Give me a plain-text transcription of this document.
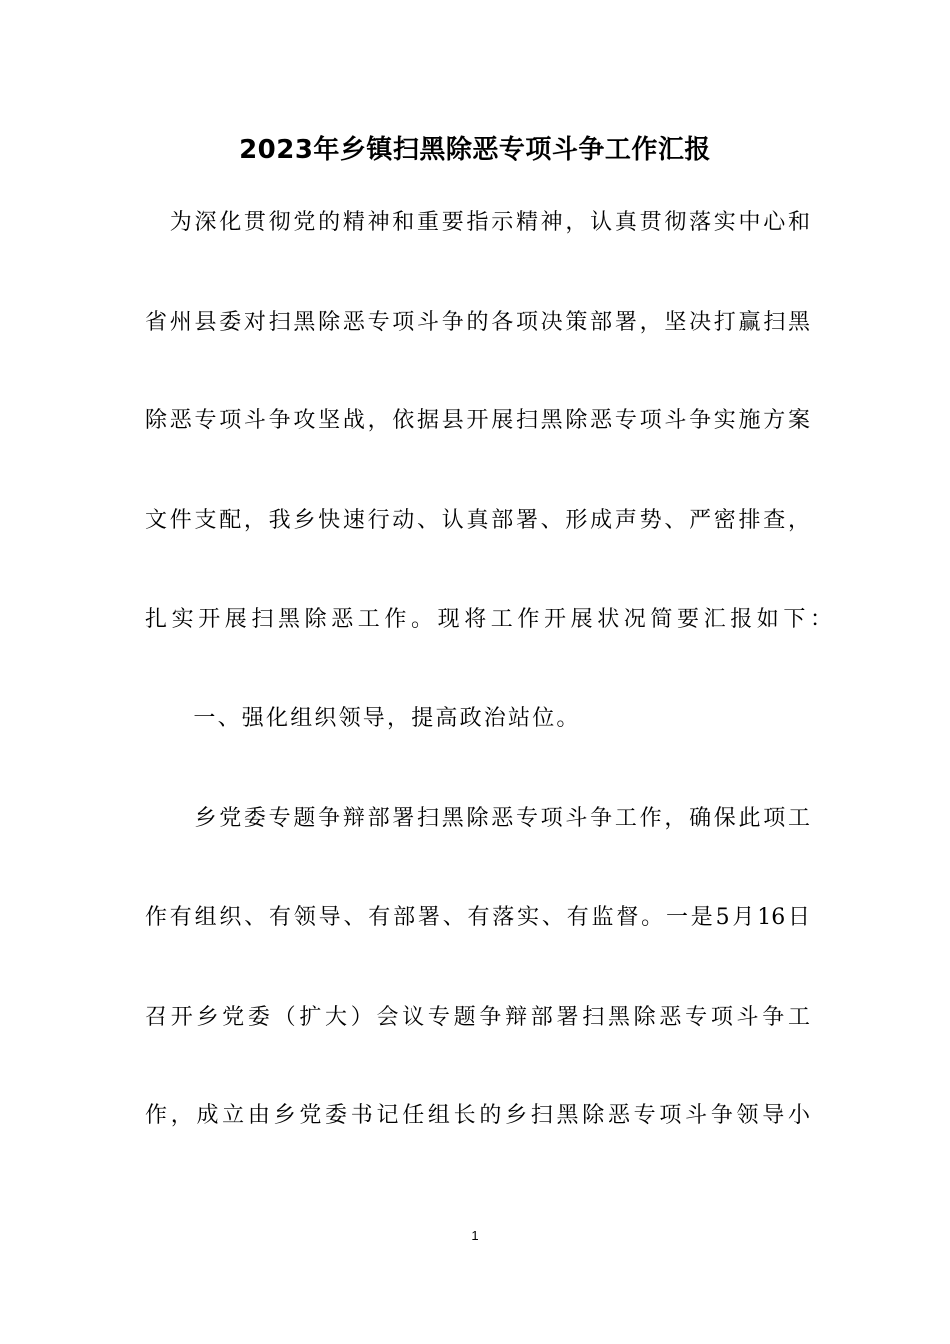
2023年乡镇扫黑除恶专项斗争工作汇报
　为深化贯彻党的精神和重要指示精神，认真贯彻落实中心和
省州县委对扫黑除恶专项斗争的各项决策部署，坚决打赢扫黑
除恶专项斗争攻坚战，依据县开展扫黑除恶专项斗争实施方案
文件支配，我乡快速行动、认真部署、形成声势、严密排查，
扎实开展扫黑除恶工作。现将工作开展状况简要汇报如下：
　　一、强化组织领导，提高政治站位。
　　乡党委专题争辩部署扫黑除恶专项斗争工作，确保此项工
作有组织、有领导、有部署、有落实、有监督。一是5月16日
召开乡党委（扩大）会议专题争辩部署扫黑除恶专项斗争工
作，成立由乡党委书记任组长的乡扫黑除恶专项斗争领导小
1
